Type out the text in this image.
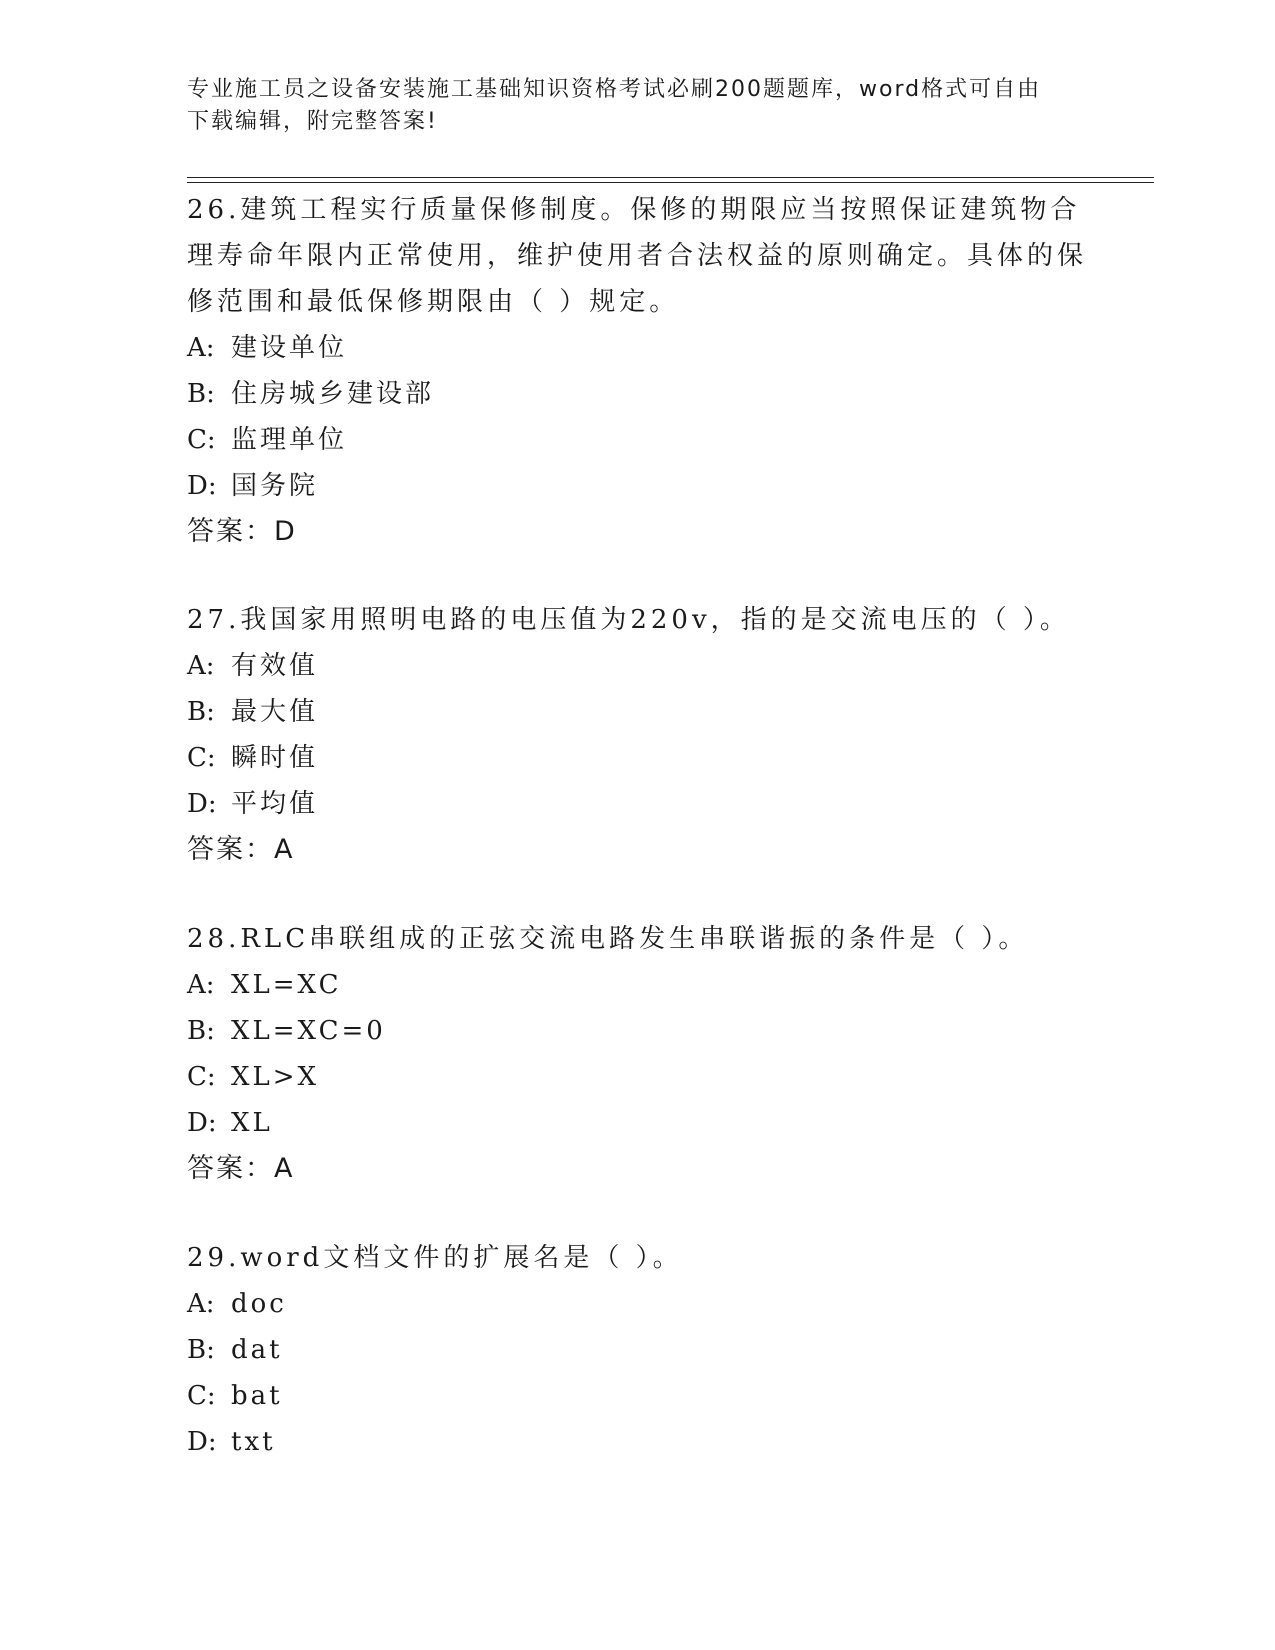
专业施工员之设备安装施工基础知识资格考试必刷200题题库，word格式可自由
下载编辑，附完整答案!

26.建筑工程实行质量保修制度。保修的期限应当按照保证建筑物合理寿命年限内正常使用，维护使用者合法权益的原则确定。具体的保修范围和最低保修期限由（ ）规定。

A: 建设单位
B: 住房城乡建设部
C: 监理单位
D: 国务院
答案：D

27.我国家用照明电路的电压值为220v，指的是交流电压的（ ）。

A: 有效值
B: 最大值
C: 瞬时值
D: 平均值
答案：A

28.RLC串联组成的正弦交流电路发生串联谐振的条件是（ ）。

A: XL=XC
B: XL=XC=0
C: XL>X
D: XL
答案：A

29.word文档文件的扩展名是（ ）。

A: doc
B: dat
C: bat
D: txt
